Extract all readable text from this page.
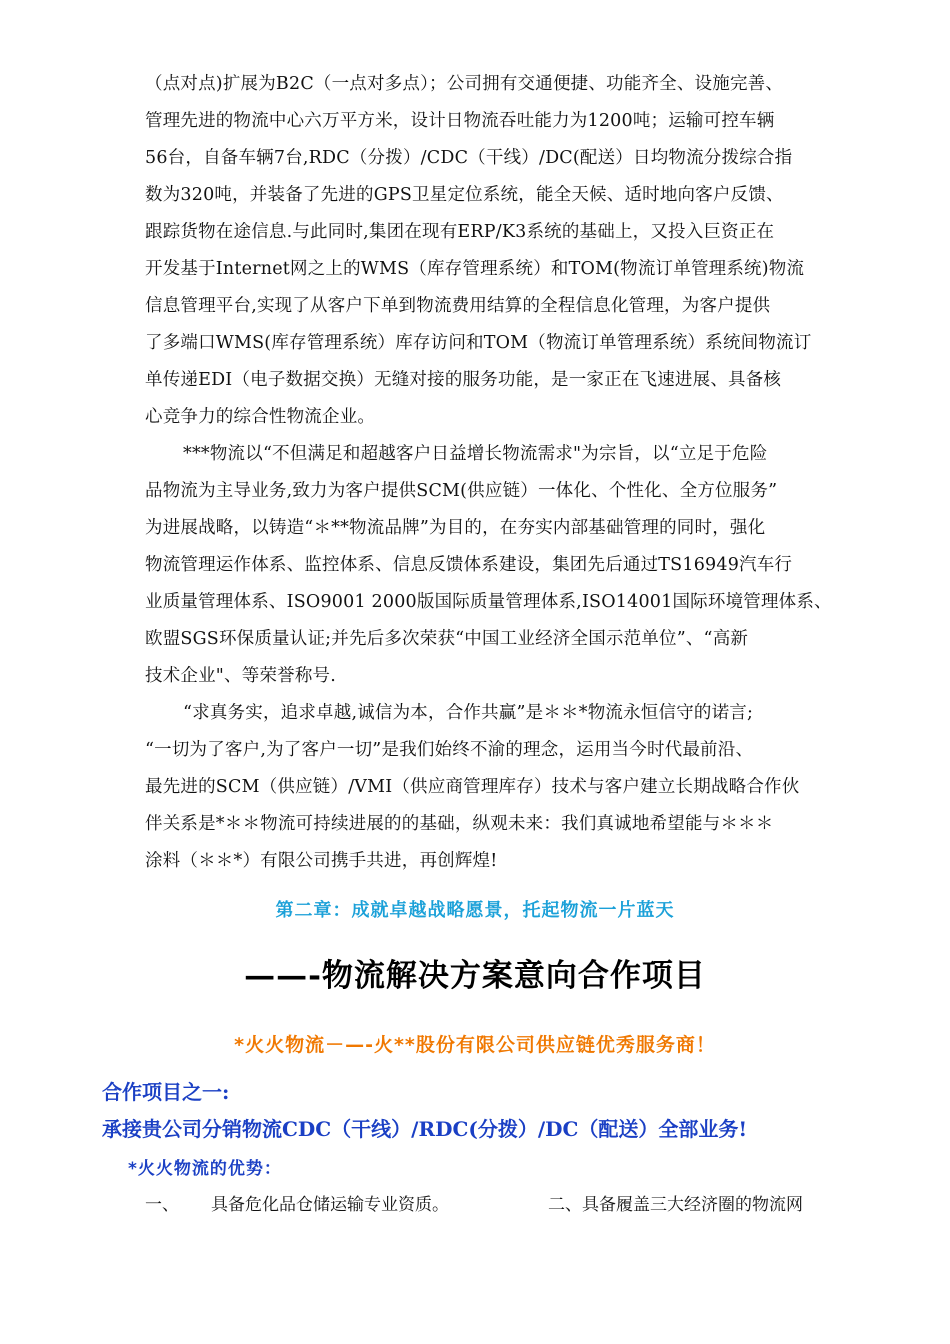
（点对点)扩展为B2C（一点对多点）；公司拥有交通便捷、功能齐全、设施完善、
管理先进的物流中心六万平方米，设计日物流吞吐能力为1200吨；运输可控车辆
56台，自备车辆7台,RDC（分拨）/CDC（干线）/DC(配送）日均物流分拨综合指
数为320吨，并装备了先进的GPS卫星定位系统，能全天候、适时地向客户反馈、
跟踪货物在途信息.与此同时,集团在现有ERP/K3系统的基础上，又投入巨资正在
开发基于Internet网之上的WMS（库存管理系统）和TOM(物流订单管理系统)物流
信息管理平台,实现了从客户下单到物流费用结算的全程信息化管理，为客户提供
了多端口WMS(库存管理系统）库存访问和TOM（物流订单管理系统）系统间物流订
单传递EDI（电子数据交换）无缝对接的服务功能，是一家正在飞速进展、具备核
心竞争力的综合性物流企业。
***物流以“不但满足和超越客户日益增长物流需求"为宗旨，以“立足于危险
品物流为主导业务,致力为客户提供SCM(供应链）一体化、个性化、全方位服务”
为进展战略，以铸造“＊**物流品牌”为目的，在夯实内部基础管理的同时，强化
物流管理运作体系、监控体系、信息反馈体系建设，集团先后通过TS16949汽车行
业质量管理体系、ISO9001 2000版国际质量管理体系,ISO14001国际环境管理体系、
欧盟SGS环保质量认证;并先后多次荣获“中国工业经济全国示范单位”、“高新
技术企业"、等荣誉称号.
“求真务实，追求卓越,诚信为本，合作共赢”是＊＊*物流永恒信守的诺言;
“一切为了客户,为了客户一切”是我们始终不渝的理念，运用当今时代最前沿、
最先进的SCM（供应链）/VMI（供应商管理库存）技术与客户建立长期战略合作伙
伴关系是*＊＊物流可持续进展的的基础，纵观未来：我们真诚地希望能与＊＊＊
涂料（＊＊*）有限公司携手共进，再创辉煌!
第二章：成就卓越战略愿景，托起物流一片蓝天
——-物流解决方案意向合作项目
*火火物流－—-火**股份有限公司供应链优秀服务商！
合作项目之一:
承接贵公司分销物流CDC（干线）/RDC(分拨）/DC（配送）全部业务!
*火火物流的优势：
一、 具备危化品仓储运输专业资质。	二、具备履盖三大经济圈的物流网
